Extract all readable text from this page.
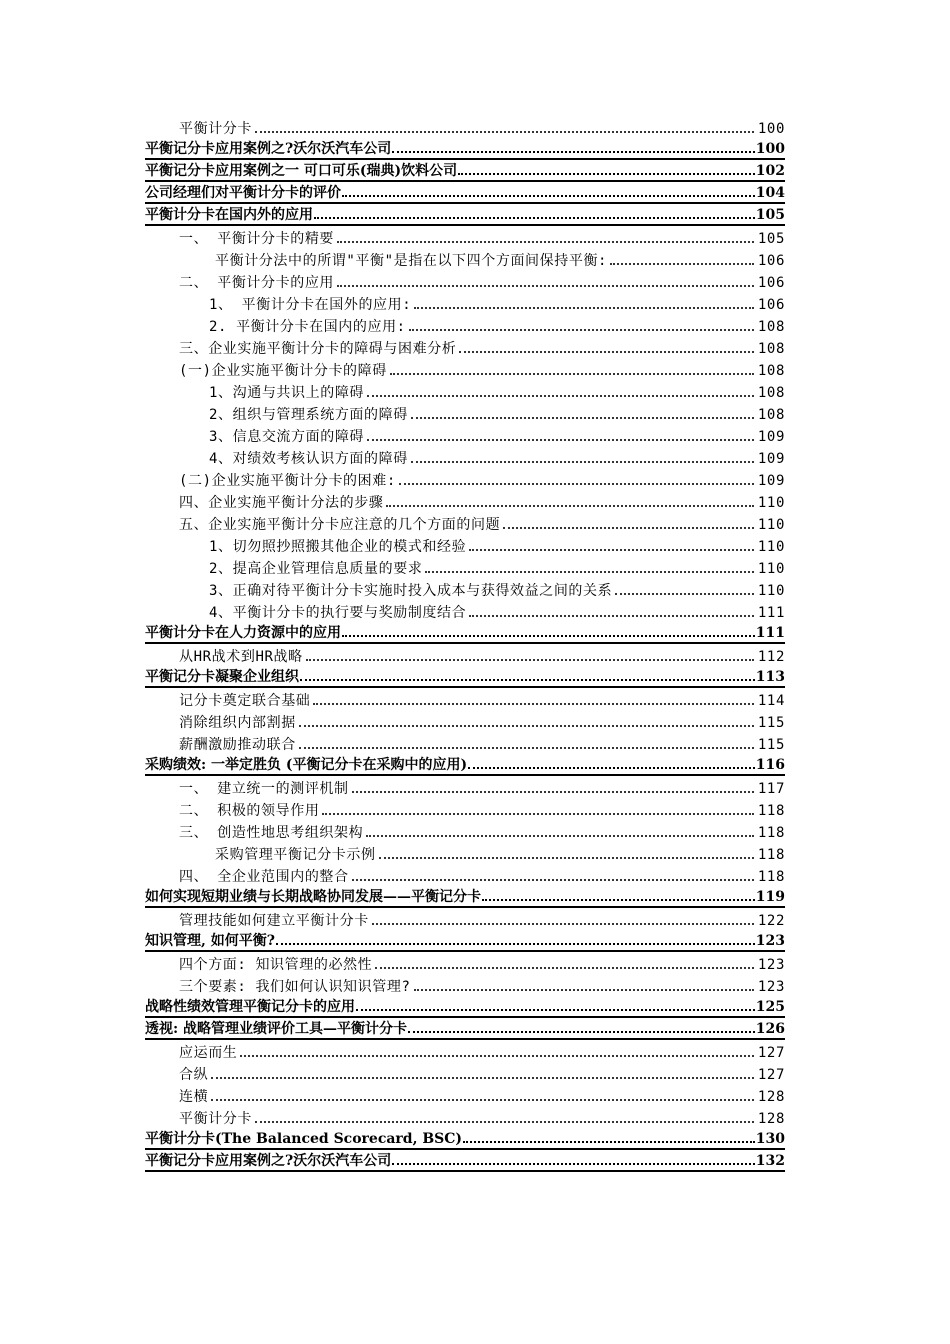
平衡计分卡	100
平衡记分卡应用案例之?沃尔沃汽车公司	100
平衡记分卡应用案例之一 可口可乐(瑞典)饮料公司	102
公司经理们对平衡计分卡的评价	104
平衡计分卡在国内外的应用	105
一、 平衡计分卡的精要	105
平衡计分法中的所谓"平衡"是指在以下四个方面间保持平衡:	106
二、 平衡计分卡的应用	106
1、 平衡计分卡在国外的应用:	106
2. 平衡计分卡在国内的应用:	108
三、企业实施平衡计分卡的障碍与困难分析	108
(一)企业实施平衡计分卡的障碍	108
1、沟通与共识上的障碍	108
2、组织与管理系统方面的障碍	108
3、信息交流方面的障碍	109
4、对绩效考核认识方面的障碍	109
(二)企业实施平衡计分卡的困难:	109
四、企业实施平衡计分法的步骤	110
五、企业实施平衡计分卡应注意的几个方面的问题	110
1、切勿照抄照搬其他企业的模式和经验	110
2、提高企业管理信息质量的要求	110
3、正确对待平衡计分卡实施时投入成本与获得效益之间的关系	110
4、平衡计分卡的执行要与奖励制度结合	111
平衡计分卡在人力资源中的应用	111
从HR战术到HR战略	112
平衡记分卡凝聚企业组织	113
记分卡奠定联合基础	114
消除组织内部割据	115
薪酬激励推动联合	115
采购绩效: 一举定胜负 (平衡记分卡在采购中的应用)	116
一、 建立统一的测评机制	117
二、 积极的领导作用	118
三、 创造性地思考组织架构	118
采购管理平衡记分卡示例	118
四、 全企业范围内的整合	118
如何实现短期业绩与长期战略协同发展——平衡记分卡	119
管理技能如何建立平衡计分卡	122
知识管理, 如何平衡?	123
四个方面: 知识管理的必然性	123
三个要素: 我们如何认识知识管理?	123
战略性绩效管理平衡记分卡的应用	125
透视: 战略管理业绩评价工具—平衡计分卡	126
应运而生	127
合纵	127
连横	128
平衡计分卡	128
平衡计分卡(The Balanced Scorecard, BSC)	130
平衡记分卡应用案例之?沃尔沃汽车公司	132
